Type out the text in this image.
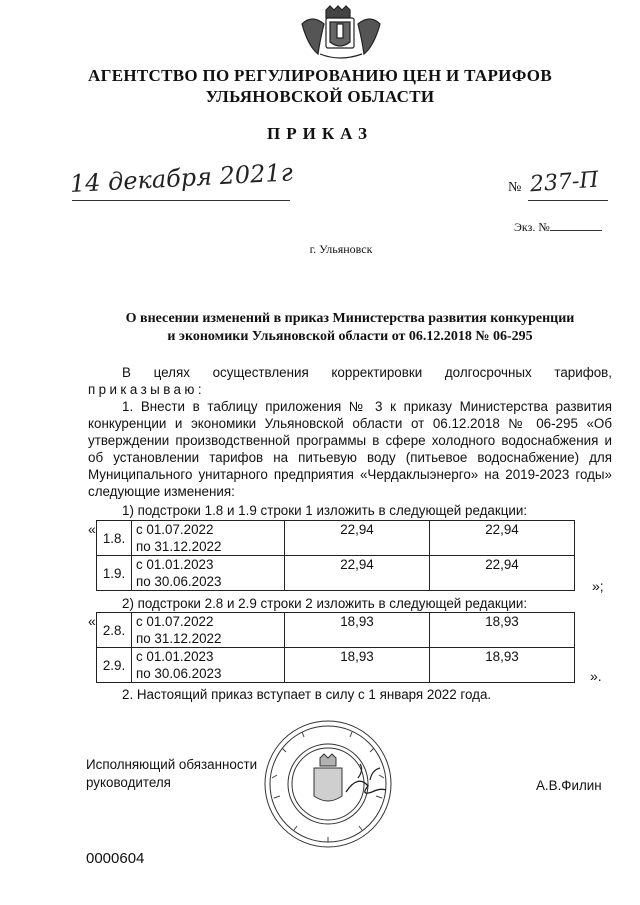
АГЕНТСТВО ПО РЕГУЛИРОВАНИЮ ЦЕН И ТАРИФОВ
УЛЬЯНОВСКОЙ ОБЛАСТИ
ПРИКАЗ
14 декабря 2021г	№ 237-П
Экз. №
г. Ульяновск
О внесении изменений в приказ Министерства развития конкуренции
и экономики Ульяновской области от 06.12.2018 № 06-295
В целях осуществления корректировки долгосрочных тарифов,
приказываю:
1. Внести в таблицу приложения № 3 к приказу Министерства развития конкуренции и экономики Ульяновской области от 06.12.2018 № 06-295 «Об утверждении производственной программы в сфере холодного водоснабжения и об установлении тарифов на питьевую воду (питьевое водоснабжение) для Муниципального унитарного предприятия «Чердаклыэнерго» на 2019-2023 годы» следующие изменения:
1) подстроки 1.8 и 1.9 строки 1 изложить в следующей редакции:
«
1.8.	с 01.07.2022
по 31.12.2022	22,94	22,94
1.9.	с 01.01.2023
по 30.06.2023	22,94	22,94
»;
2) подстроки 2.8 и 2.9 строки 2 изложить в следующей редакции:
«
2.8.	с 01.07.2022
по 31.12.2022	18,93	18,93
2.9.	с 01.01.2023
по 30.06.2023	18,93	18,93
».
2. Настоящий приказ вступает в силу с 1 января 2022 года.
Исполняющий обязанности
руководителя	А.В.Филин
0000604
